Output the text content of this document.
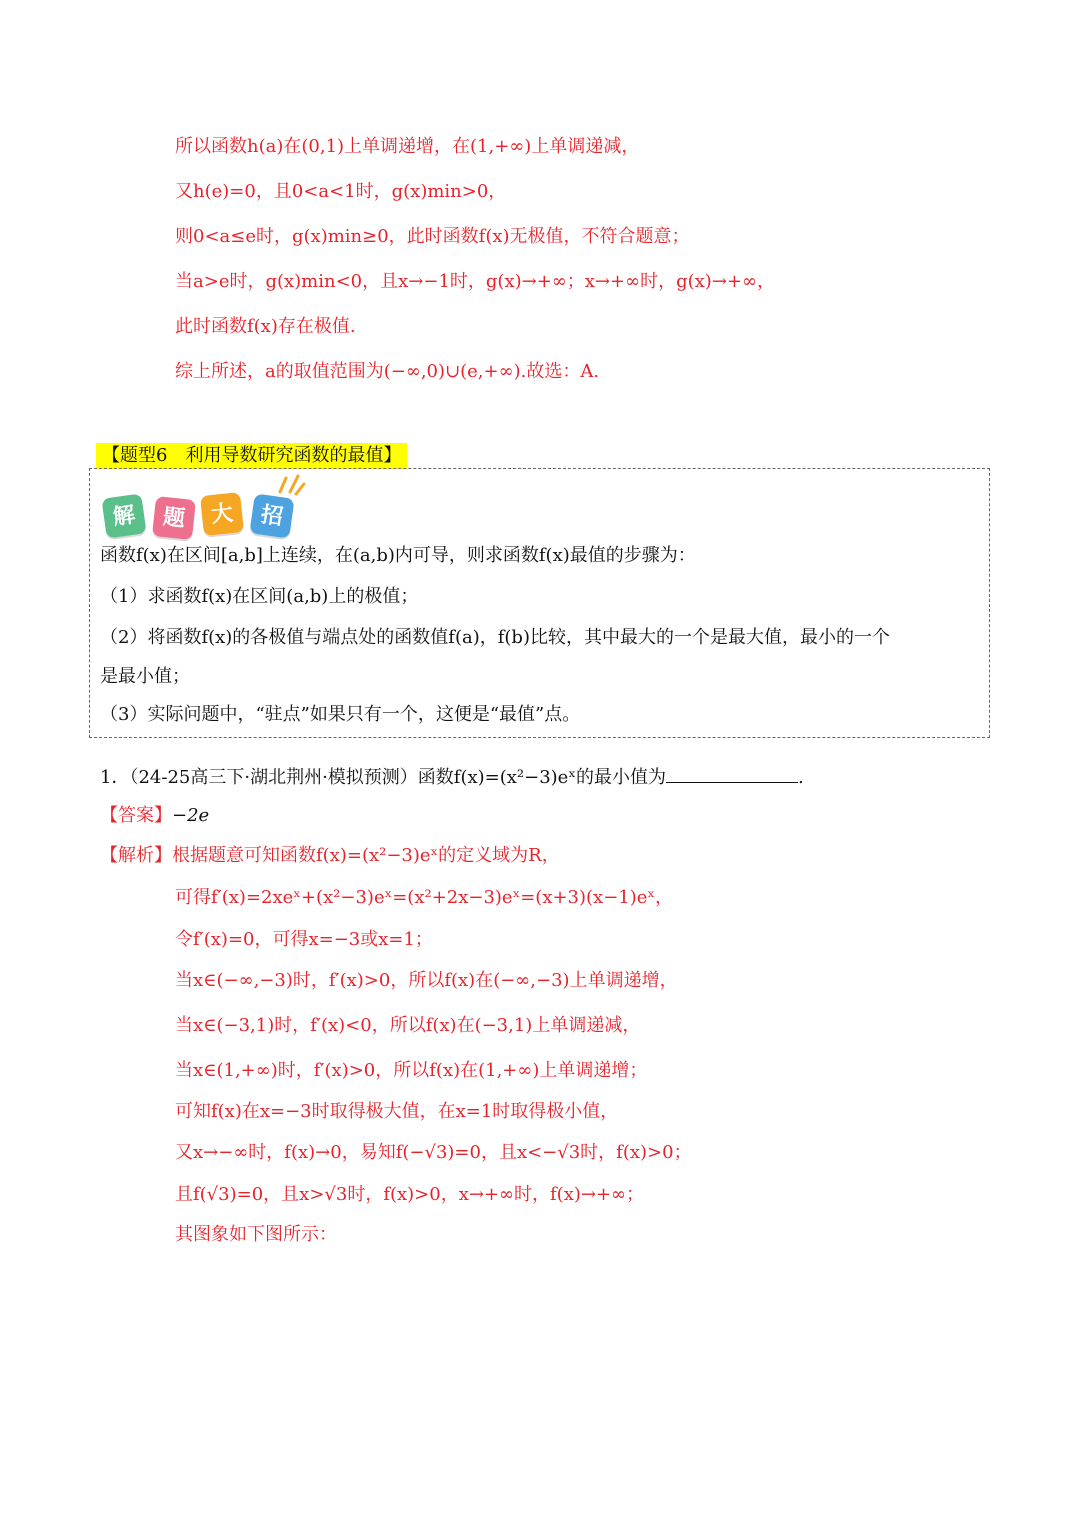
所以函数h(a)在(0,1)上单调递增，在(1,+∞)上单调递减，
又h(e)=0，且0<a<1时，g(x)min>0，
则0<a≤e时，g(x)min≥0，此时函数f(x)无极值，不符合题意；
当a>e时，g(x)min<0，且x→−1时，g(x)→+∞；x→+∞时，g(x)→+∞，
此时函数f(x)存在极值.
综上所述，a的取值范围为(−∞,0)∪(e,+∞).故选：A.
【题型6　利用导数研究函数的最值】
解	题	大	招
函数f(x)在区间[a,b]上连续，在(a,b)内可导，则求函数f(x)最值的步骤为：
（1）求函数f(x)在区间(a,b)上的极值；
（2）将函数f(x)的各极值与端点处的函数值f(a)，f(b)比较，其中最大的一个是最大值，最小的一个
是最小值；
（3）实际问题中，“驻点”如果只有一个，这便是“最值”点。
1．（24-25高三下·湖北荆州·模拟预测）函数f(x)=(x²−3)eˣ的最小值为	.
【答案】−2e
【解析】根据题意可知函数f(x)=(x²−3)eˣ的定义域为R，
可得f′(x)=2xeˣ+(x²−3)eˣ=(x²+2x−3)eˣ=(x+3)(x−1)eˣ，
令f′(x)=0，可得x=−3或x=1；
当x∈(−∞,−3)时，f′(x)>0，所以f(x)在(−∞,−3)上单调递增，
当x∈(−3,1)时，f′(x)<0，所以f(x)在(−3,1)上单调递减，
当x∈(1,+∞)时，f′(x)>0，所以f(x)在(1,+∞)上单调递增；
可知f(x)在x=−3时取得极大值，在x=1时取得极小值，
又x→−∞时，f(x)→0，易知f(−√3)=0，且x<−√3时，f(x)>0；
且f(√3)=0，且x>√3时，f(x)>0，x→+∞时，f(x)→+∞；
其图象如下图所示：
